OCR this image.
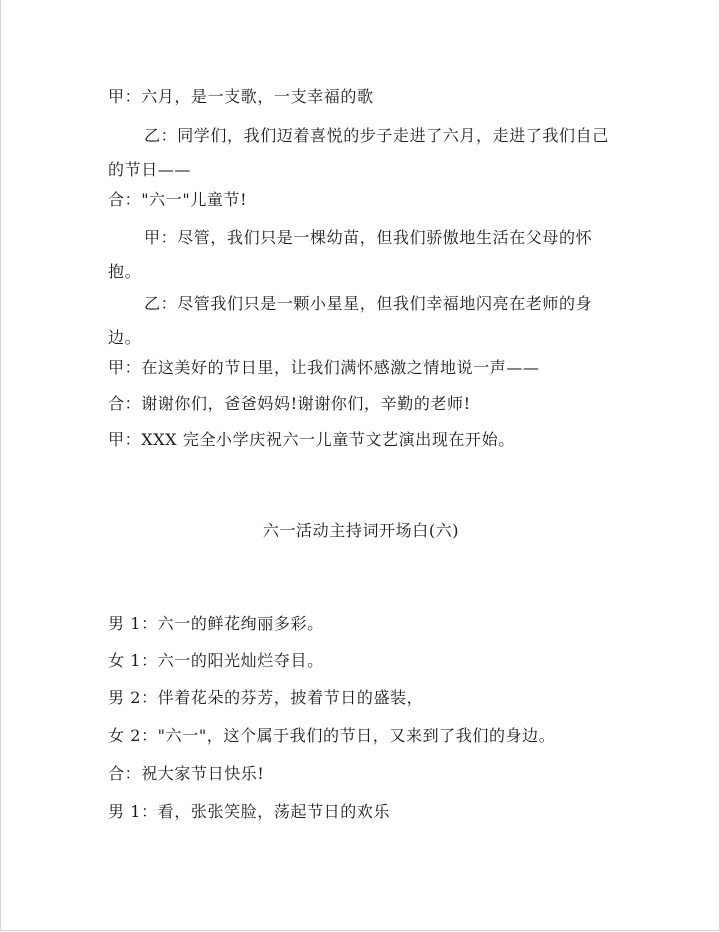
甲：六月，是一支歌，一支幸福的歌
乙：同学们，我们迈着喜悦的步子走进了六月，走进了我们自己的节日——
合："六一"儿童节!
甲：尽管，我们只是一棵幼苗，但我们骄傲地生活在父母的怀抱。
乙：尽管我们只是一颗小星星，但我们幸福地闪亮在老师的身边。
甲：在这美好的节日里，让我们满怀感激之情地说一声——
合：谢谢你们，爸爸妈妈!谢谢你们，辛勤的老师!
甲：XXX 完全小学庆祝六一儿童节文艺演出现在开始。
六一活动主持词开场白(六)
男 1：六一的鲜花绚丽多彩。
女 1：六一的阳光灿烂夺目。
男 2：伴着花朵的芬芳，披着节日的盛装，
女 2："六一"，这个属于我们的节日，又来到了我们的身边。
合：祝大家节日快乐!
男 1：看，张张笑脸，荡起节日的欢乐
